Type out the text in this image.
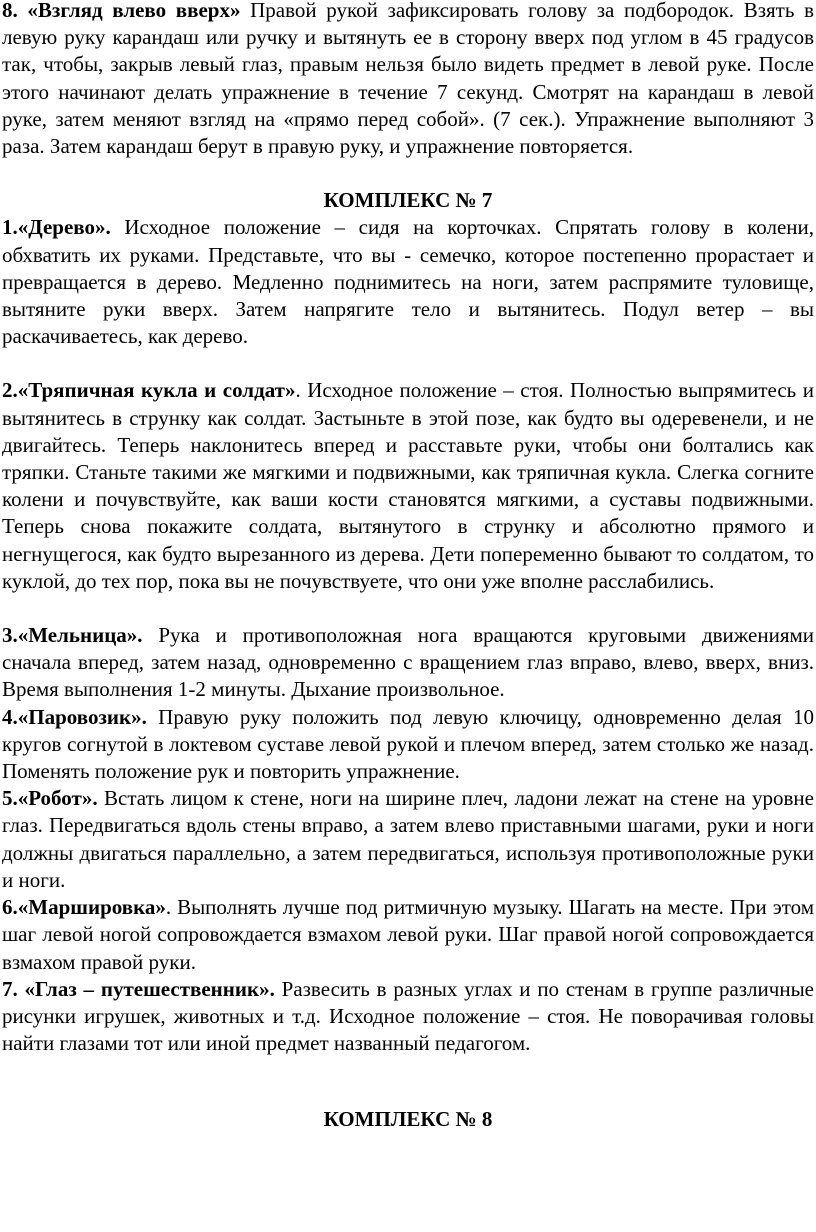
8. «Взгляд влево вверх» Правой рукой зафиксировать голову за подбородок. Взять в левую руку карандаш или ручку и вытянуть ее в сторону вверх под углом в 45 градусов так, чтобы, закрыв левый глаз, правым нельзя было видеть предмет в левой руке. После этого начинают делать упражнение в течение 7 секунд. Смотрят на карандаш в левой руке, затем меняют взгляд на «прямо перед собой». (7 сек.). Упражнение выполняют 3 раза. Затем карандаш берут в правую руку, и упражнение повторяется.

КОМПЛЕКС № 7

1.«Дерево». Исходное положение – сидя на корточках. Спрятать голову в колени, обхватить их руками. Представьте, что вы - семечко, которое постепенно прорастает и превращается в дерево. Медленно поднимитесь на ноги, затем распрямите туловище, вытяните руки вверх. Затем напрягите тело и вытянитесь. Подул ветер – вы раскачиваетесь, как дерево.

2.«Тряпичная кукла и солдат». Исходное положение – стоя. Полностью выпрямитесь и вытянитесь в струнку как солдат. Застыньте в этой позе, как будто вы одеревенели, и не двигайтесь. Теперь наклонитесь вперед и расставьте руки, чтобы они болтались как тряпки. Станьте такими же мягкими и подвижными, как тряпичная кукла. Слегка согните колени и почувствуйте, как ваши кости становятся мягкими, а суставы подвижными. Теперь снова покажите солдата, вытянутого в струнку и абсолютно прямого и негнущегося, как будто вырезанного из дерева. Дети попеременно бывают то солдатом, то куклой, до тех пор, пока вы не почувствуете, что они уже вполне расслабились.

3.«Мельница». Рука и противоположная нога вращаются круговыми движениями сначала вперед, затем назад, одновременно с вращением глаз вправо, влево, вверх, вниз. Время выполнения 1-2 минуты. Дыхание произвольное.

4.«Паровозик». Правую руку положить под левую ключицу, одновременно делая 10 кругов согнутой в локтевом суставе левой рукой и плечом вперед, затем столько же назад. Поменять положение рук и повторить упражнение.

5.«Робот». Встать лицом к стене, ноги на ширине плеч, ладони лежат на стене на уровне глаз. Передвигаться вдоль стены вправо, а затем влево приставными шагами, руки и ноги должны двигаться параллельно, а затем передвигаться, используя противоположные руки и ноги.

6.«Маршировка». Выполнять лучше под ритмичную музыку. Шагать на месте. При этом шаг левой ногой сопровождается взмахом левой руки. Шаг правой ногой сопровождается взмахом правой руки.

7. «Глаз – путешественник». Развесить в разных углах и по стенам в группе различные рисунки игрушек, животных и т.д. Исходное положение – стоя. Не поворачивая головы найти глазами тот или иной предмет названный педагогом.

КОМПЛЕКС № 8
